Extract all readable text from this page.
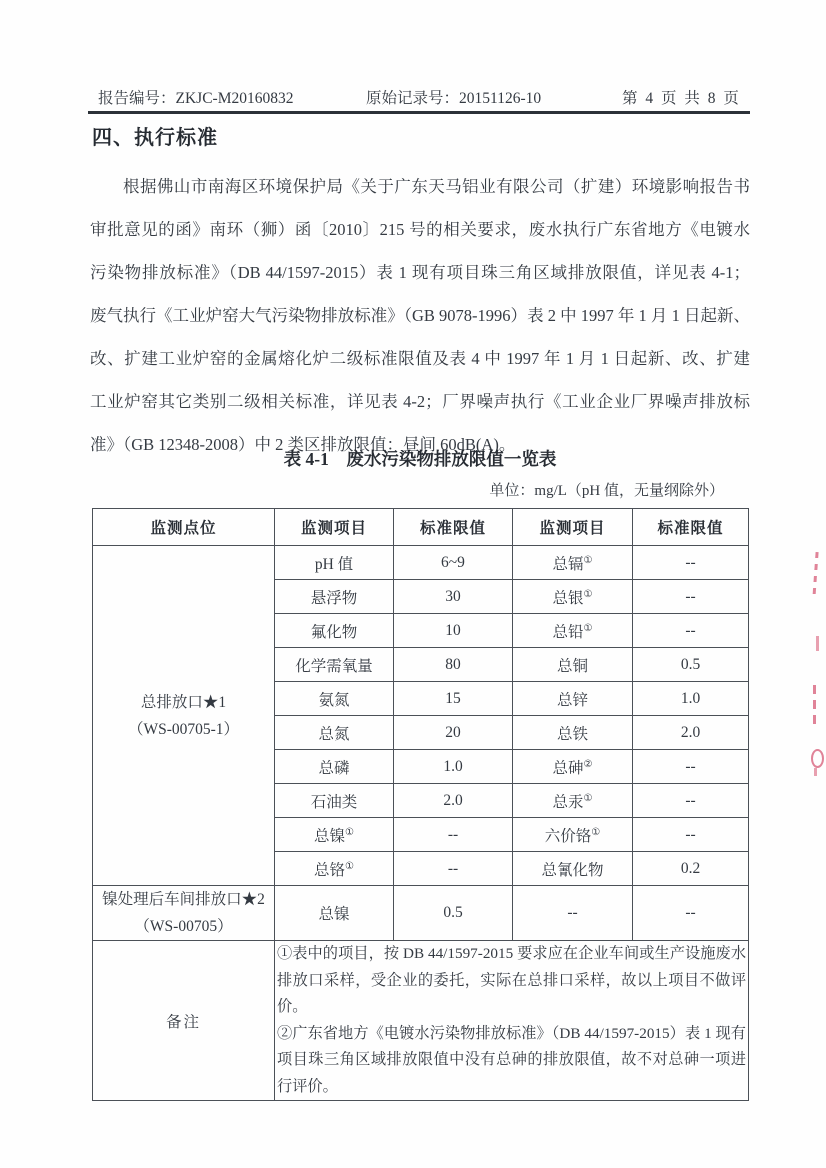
报告编号：ZKJC-M20160832	原始记录号：20151126-10	第 4 页 共 8 页
四、执行标准
根据佛山市南海区环境保护局《关于广东天马铝业有限公司（扩建）环境影响报告书
审批意见的函》南环（狮）函〔2010〕215 号的相关要求，废水执行广东省地方《电镀水
污染物排放标准》（DB 44/1597-2015）表 1 现有项目珠三角区域排放限值，详见表 4-1；
废气执行《工业炉窑大气污染物排放标准》（GB 9078-1996）表 2 中 1997 年 1 月 1 日起新、
改、扩建工业炉窑的金属熔化炉二级标准限值及表 4 中 1997 年 1 月 1 日起新、改、扩建
工业炉窑其它类别二级相关标准，详见表 4-2；厂界噪声执行《工业企业厂界噪声排放标
准》（GB 12348-2008）中 2 类区排放限值：昼间 60dB(A)。
表 4-1　废水污染物排放限值一览表
单位：mg/L（pH 值，无量纲除外）
监测点位	监测项目	标准限值	监测项目	标准限值

总排放口★1
（WS-00705-1）	pH 值	6~9	总镉①	--
	悬浮物	30	总银①	--
	氟化物	10	总铅①	--
	化学需氧量	80	总铜	0.5
	氨氮	15	总锌	1.0
	总氮	20	总铁	2.0
	总磷	1.0	总砷②	--
	石油类	2.0	总汞①	--
	总镍①	--	六价铬①	--
	总铬①	--	总氰化物	0.2

镍处理后车间排放口★2
（WS-00705）	总镍	0.5	--	--
备注	①表中的项目，按 DB 44/1597-2015 要求应在企业车间或生产设施废水排放口采样，受企业的委托，实际在总排口采样，故以上项目不做评价。
②广东省地方《电镀水污染物排放标准》（DB 44/1597-2015）表 1 现有项目珠三角区域排放限值中没有总砷的排放限值，故不对总砷一项进行评价。			
